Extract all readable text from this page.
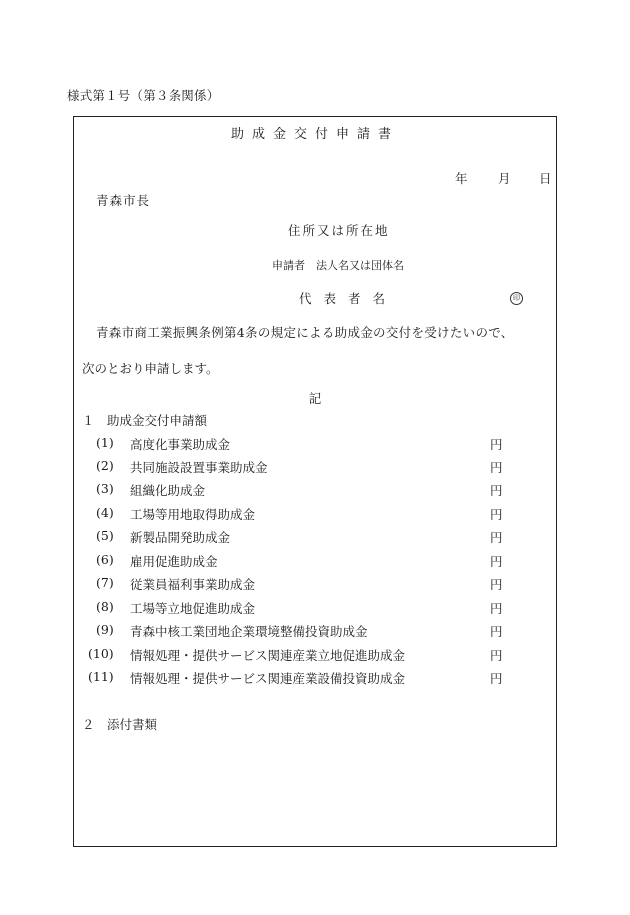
様式第１号（第３条関係）
助成金交付申請書
年 月 日
青森市長
住所又は所在地
申請者　法人名又は団体名
代表者名	印
青森市商工業振興条例第4条の規定による助成金の交付を受けたいので、
次のとおり申請します。
記
１　助成金交付申請額
(1) 高度化事業助成金	円
(2) 共同施設設置事業助成金	円
(3) 組織化助成金	円
(4) 工場等用地取得助成金	円
(5) 新製品開発助成金	円
(6) 雇用促進助成金	円
(7) 従業員福利事業助成金	円
(8) 工場等立地促進助成金	円
(9) 青森中核工業団地企業環境整備投資助成金	円
(10) 情報処理・提供サービス関連産業立地促進助成金	円
(11) 情報処理・提供サービス関連産業設備投資助成金	円
２　添付書類
